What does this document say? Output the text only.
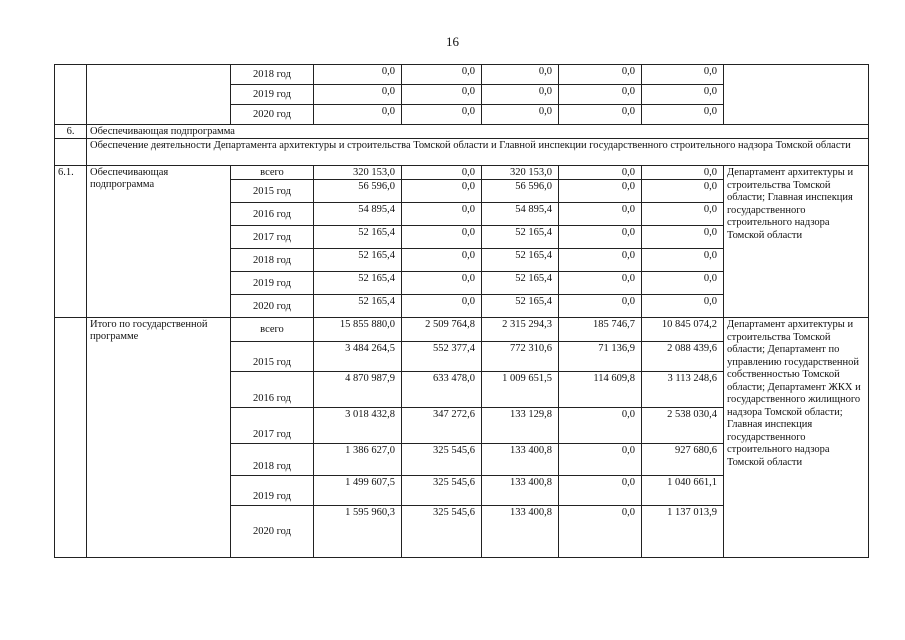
16
		2018 год	0,0	0,0	0,0	0,0	0,0	
		2019 год	0,0	0,0	0,0	0,0	0,0	
		2020 год	0,0	0,0	0,0	0,0	0,0	
6.	Обеспечивающая подпрограмма							
	Обеспечение деятельности Департамента архитектуры и строительства Томской области и Главной инспекции государственного строительного надзора Томской области							
6.1.	Обеспечивающая подпрограмма	всего	320 153,0	0,0	320 153,0	0,0	0,0	Департамент архитектуры и строительства Томской области; Главная инспекция государственного строительного надзора Томской области
		2015 год	56 596,0	0,0	56 596,0	0,0	0,0	
		2016 год	54 895,4	0,0	54 895,4	0,0	0,0	
		2017 год	52 165,4	0,0	52 165,4	0,0	0,0	
		2018 год	52 165,4	0,0	52 165,4	0,0	0,0	
		2019 год	52 165,4	0,0	52 165,4	0,0	0,0	
		2020 год	52 165,4	0,0	52 165,4	0,0	0,0	
	Итого по государственной программе	всего	15 855 880,0	2 509 764,8	2 315 294,3	185 746,7	10 845 074,2	Департамент архитектуры и строительства Томской области; Департамент по управлению государственной собственностью Томской области; Департамент ЖКХ и государственного жилищного надзора Томской области; Главная инспекция государственного строительного надзора Томской области
		2015 год	3 484 264,5	552 377,4	772 310,6	71 136,9	2 088 439,6	
		2016 год	4 870 987,9	633 478,0	1 009 651,5	114 609,8	3 113 248,6	
		2017 год	3 018 432,8	347 272,6	133 129,8	0,0	2 538 030,4	
		2018 год	1 386 627,0	325 545,6	133 400,8	0,0	927 680,6	
		2019 год	1 499 607,5	325 545,6	133 400,8	0,0	1 040 661,1	
		2020 год	1 595 960,3	325 545,6	133 400,8	0,0	1 137 013,9	
